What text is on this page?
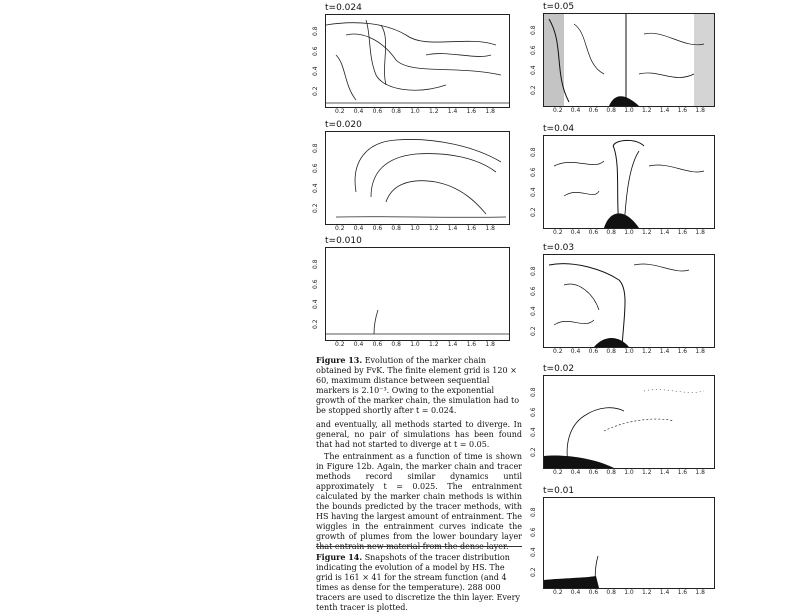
t=0.024
0.2 0.4 0.6 0.8 1.0 1.2 1.4 1.6 1.8
0.2
0.4
0.6
0.8
t=0.020
0.2 0.4 0.6 0.8 1.0 1.2 1.4 1.6 1.8
0.2
0.4
0.6
0.8
t=0.010
0.2 0.4 0.6 0.8 1.0 1.2 1.4 1.6 1.8
0.2
0.4
0.6
0.8
Figure 13. Evolution of the marker chain obtained by FvK. The finite element grid is 120 × 60, maximum distance between sequential markers is 2.10⁻³. Owing to the exponential growth of the marker chain, the simulation had to be stopped shortly after t = 0.024.
and eventually, all methods started to diverge. In general, no pair of simulations has been found that had not started to diverge at t = 0.05.
The entrainment as a function of time is shown in Figure 12b. Again, the marker chain and tracer methods record similar dynamics until approximately t = 0.025. The entrainment calculated by the marker chain methods is within the bounds predicted by the tracer methods, with HS having the largest amount of entrainment. The wiggles in the entrainment curves indicate the growth of plumes from the lower boundary layer that entrain new material from the dense layer.
Figure 14. Snapshots of the tracer distribution indicating the evolution of a model by HS. The grid is 161 × 41 for the stream function (and 4 times as dense for the temperature). 288 000 tracers are used to discretize the thin layer. Every tenth tracer is plotted.
t=0.05
0.2 0.4 0.6 0.8 1.0 1.2 1.4 1.6 1.8
0.2
0.4
0.6
0.8
t=0.04
0.2 0.4 0.6 0.8 1.0 1.2 1.4 1.6 1.8
0.2
0.4
0.6
0.8
t=0.03
0.2 0.4 0.6 0.8 1.0 1.2 1.4 1.6 1.8
0.2
0.4
0.6
0.8
t=0.02
0.2 0.4 0.6 0.8 1.0 1.2 1.4 1.6 1.8
0.2
0.4
0.6
0.8
t=0.01
0.2 0.4 0.6 0.8 1.0 1.2 1.4 1.6 1.8
0.2
0.4
0.6
0.8
